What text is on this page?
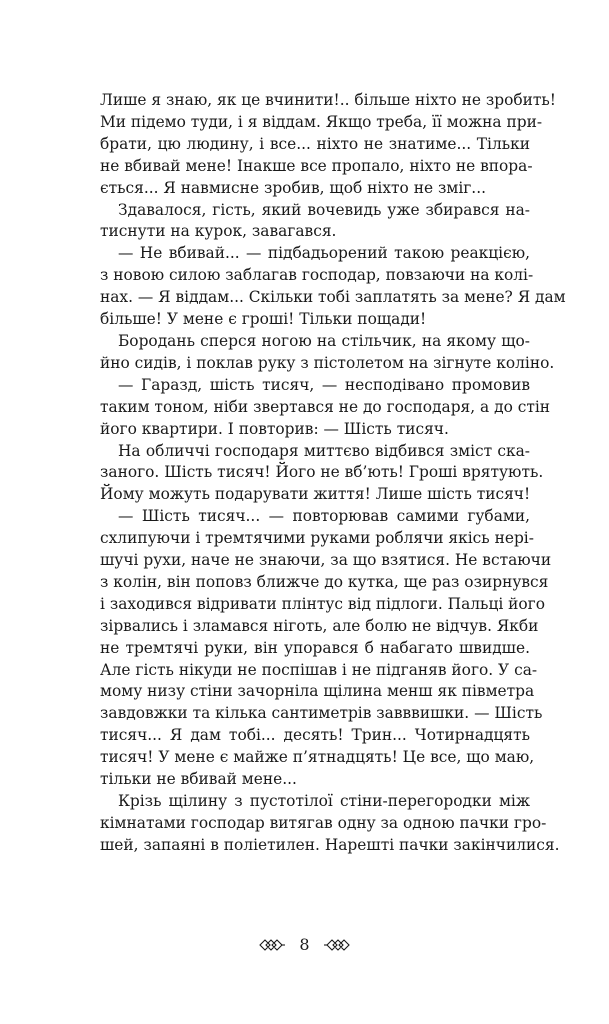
Лише я знаю, як це вчинити!.. більше ніхто не зробить!
Ми підемо туди, і я віддам. Якщо треба, її можна при-
брати, цю людину, і все... ніхто не знатиме... Тільки
не вбивай мене! Інакше все пропало, ніхто не впора-
ється... Я навмисне зробив, щоб ніхто не зміг...
Здавалося, гість, який вочевидь уже збирався на-
тиснути на курок, завагався.
— Не вбивай... — підбадьорений такою реакцією,
з новою силою заблагав господар, повзаючи на колі-
нах. — Я віддам... Скільки тобі заплатять за мене? Я дам
більше! У мене є гроші! Тільки пощади!
Бородань сперся ногою на стільчик, на якому що-
йно сидів, і поклав руку з пістолетом на зігнуте коліно.
— Гаразд, шість тисяч, — несподівано промовив
таким тоном, ніби звертався не до господаря, а до стін
його квартири. І повторив: — Шість тисяч.
На обличчі господаря миттєво відбився зміст ска-
заного. Шість тисяч! Його не вб’ють! Гроші врятують.
Йому можуть подарувати життя! Лише шість тисяч!
— Шість тисяч... — повторював самими губами,
схлипуючи і тремтячими руками роблячи якісь нері-
шучі рухи, наче не знаючи, за що взятися. Не встаючи
з колін, він поповз ближче до кутка, ще раз озирнувся
і заходився відривати плінтус від підлоги. Пальці його
зірвались і зламався ніготь, але болю не відчув. Якби
не тремтячі руки, він упорався б набагато швидше.
Але гість нікуди не поспішав і не підганяв його. У са-
мому низу стіни зачорніла щілина менш як півметра
завдовжки та кілька сантиметрів завввишки. — Шість
тисяч... Я дам тобі... десять! Трин... Чотирнадцять
тисяч! У мене є майже п’ятнадцять! Це все, що маю,
тільки не вбивай мене...
Крізь щілину з пустотілої стіни-перегородки між
кімнатами господар витягав одну за одною пачки гро-
шей, запаяні в поліетилен. Нарешті пачки закінчилися.
8
